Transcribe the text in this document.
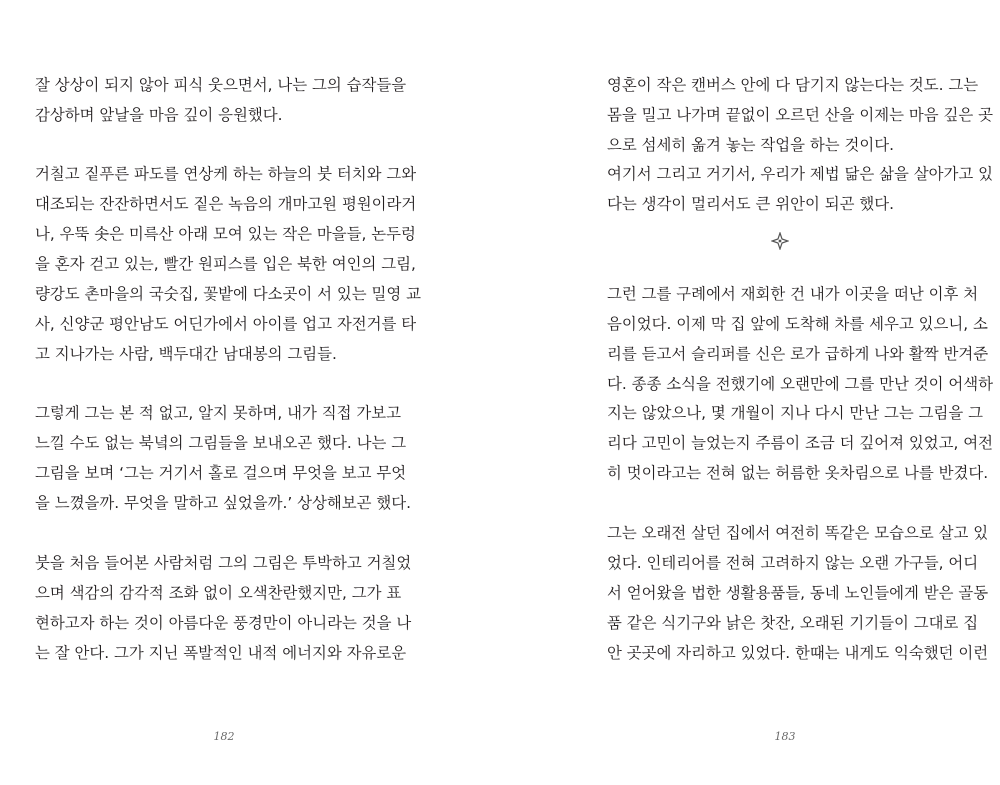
잘 상상이 되지 않아 피식 웃으면서, 나는 그의 습작들을
감상하며 앞날을 마음 깊이 응원했다.
거칠고 짙푸른 파도를 연상케 하는 하늘의 붓 터치와 그와
대조되는 잔잔하면서도 짙은 녹음의 개마고원 평원이라거
나, 우뚝 솟은 미륵산 아래 모여 있는 작은 마을들, 논두렁
을 혼자 걷고 있는, 빨간 원피스를 입은 북한 여인의 그림,
량강도 촌마을의 국숫집, 꽃밭에 다소곳이 서 있는 밀영 교
사, 신양군 평안남도 어딘가에서 아이를 업고 자전거를 타
고 지나가는 사람, 백두대간 남대봉의 그림들.
그렇게 그는 본 적 없고, 알지 못하며, 내가 직접 가보고
느낄 수도 없는 북녘의 그림들을 보내오곤 했다. 나는 그
그림을 보며 ‘그는 거기서 홀로 걸으며 무엇을 보고 무엇
을 느꼈을까. 무엇을 말하고 싶었을까.’ 상상해보곤 했다.
붓을 처음 들어본 사람처럼 그의 그림은 투박하고 거칠었
으며 색감의 감각적 조화 없이 오색찬란했지만, 그가 표
현하고자 하는 것이 아름다운 풍경만이 아니라는 것을 나
는 잘 안다. 그가 지닌 폭발적인 내적 에너지와 자유로운
182
영혼이 작은 캔버스 안에 다 담기지 않는다는 것도. 그는
몸을 밀고 나가며 끝없이 오르던 산을 이제는 마음 깊은 곳
으로 섬세히 옮겨 놓는 작업을 하는 것이다.
여기서 그리고 거기서, 우리가 제법 닮은 삶을 살아가고 있
다는 생각이 멀리서도 큰 위안이 되곤 했다.
그런 그를 구례에서 재회한 건 내가 이곳을 떠난 이후 처
음이었다. 이제 막 집 앞에 도착해 차를 세우고 있으니, 소
리를 듣고서 슬리퍼를 신은 로가 급하게 나와 활짝 반겨준
다. 종종 소식을 전했기에 오랜만에 그를 만난 것이 어색하
지는 않았으나, 몇 개월이 지나 다시 만난 그는 그림을 그
리다 고민이 늘었는지 주름이 조금 더 깊어져 있었고, 여전
히 멋이라고는 전혀 없는 허름한 옷차림으로 나를 반겼다.
그는 오래전 살던 집에서 여전히 똑같은 모습으로 살고 있
었다. 인테리어를 전혀 고려하지 않는 오랜 가구들, 어디
서 얻어왔을 법한 생활용품들, 동네 노인들에게 받은 골동
품 같은 식기구와 낡은 찻잔, 오래된 기기들이 그대로 집
안 곳곳에 자리하고 있었다. 한때는 내게도 익숙했던 이런
183
